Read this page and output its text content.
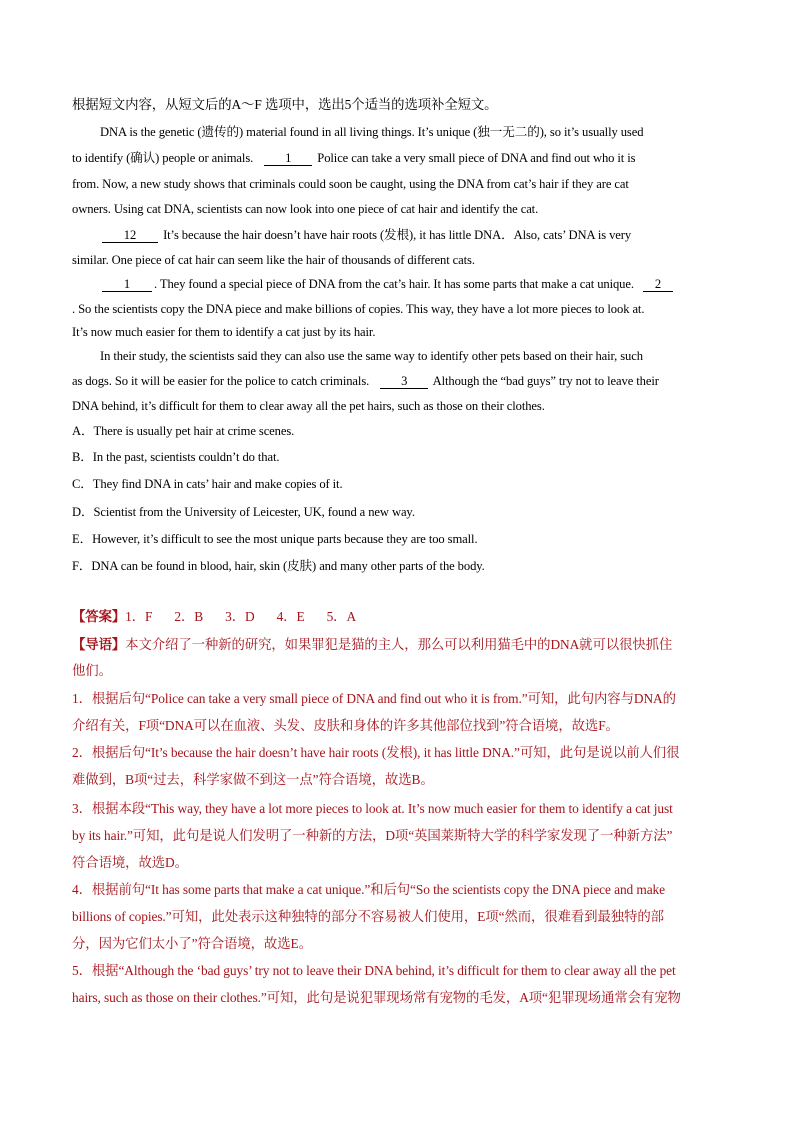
根据短文内容，从短文后的A～F 选项中，选出5个适当的选项补全短文。
DNA is the genetic (遗传的) material found in all living things. It’s unique (独一无二的), so it’s usually used
to identify (确认) people or animals.	1 Police can take a very small piece of DNA and find out who it is
from. Now, a new study shows that criminals could soon be caught, using the DNA from cat’s hair if they are cat
owners. Using cat DNA, scientists can now look into one piece of cat hair and identify the cat.
12 It’s because the hair doesn’t have hair roots (发根), it has little DNA．Also, cats’ DNA is very
similar. One piece of cat hair can seem like the hair of thousands of different cats.
1 . They found a special piece of DNA from the cat’s hair. It has some parts that make a cat unique. 2
. So the scientists copy the DNA piece and make billions of copies. This way, they have a lot more pieces to look at.
It’s now much easier for them to identify a cat just by its hair.
In their study, the scientists said they can also use the same way to identify other pets based on their hair, such
as dogs. So it will be easier for the police to catch criminals.	3 Although the “bad guys” try not to leave their
DNA behind, it’s difficult for them to clear away all the pet hairs, such as those on their clothes.
A．There is usually pet hair at crime scenes.
B．In the past, scientists couldn’t do that.
C．They find DNA in cats’ hair and make copies of it.
D．Scientist from the University of Leicester, UK, found a new way.
E．However, it’s difficult to see the most unique parts because they are too small.
F．DNA can be found in blood, hair, skin (皮肤) and many other parts of the body.
【答案】1．F 2．B 3．D 4．E 5．A
【导语】本文介绍了一种新的研究，如果罪犯是猫的主人，那么可以利用猫毛中的DNA就可以很快抓住
他们。
1．根据后句“Police can take a very small piece of DNA and find out who it is from.”可知，此句内容与DNA的
介绍有关，F项“DNA可以在血液、头发、皮肤和身体的许多其他部位找到”符合语境，故选F。
2．根据后句“It’s because the hair doesn’t have hair roots (发根), it has little DNA.”可知，此句是说以前人们很
难做到，B项“过去，科学家做不到这一点”符合语境，故选B。
3．根据本段“This way, they have a lot more pieces to look at. It’s now much easier for them to identify a cat just
by its hair.”可知，此句是说人们发明了一种新的方法，D项“英国莱斯特大学的科学家发现了一种新方法”
符合语境，故选D。
4．根据前句“It has some parts that make a cat unique.”和后句“So the scientists copy the DNA piece and make
billions of copies.”可知，此处表示这种独特的部分不容易被人们使用，E项“然而，很难看到最独特的部
分，因为它们太小了”符合语境，故选E。
5．根据“Although the ‘bad guys’ try not to leave their DNA behind, it’s difficult for them to clear away all the pet
hairs, such as those on their clothes.”可知，此句是说犯罪现场常有宠物的毛发，A项“犯罪现场通常会有宠物
